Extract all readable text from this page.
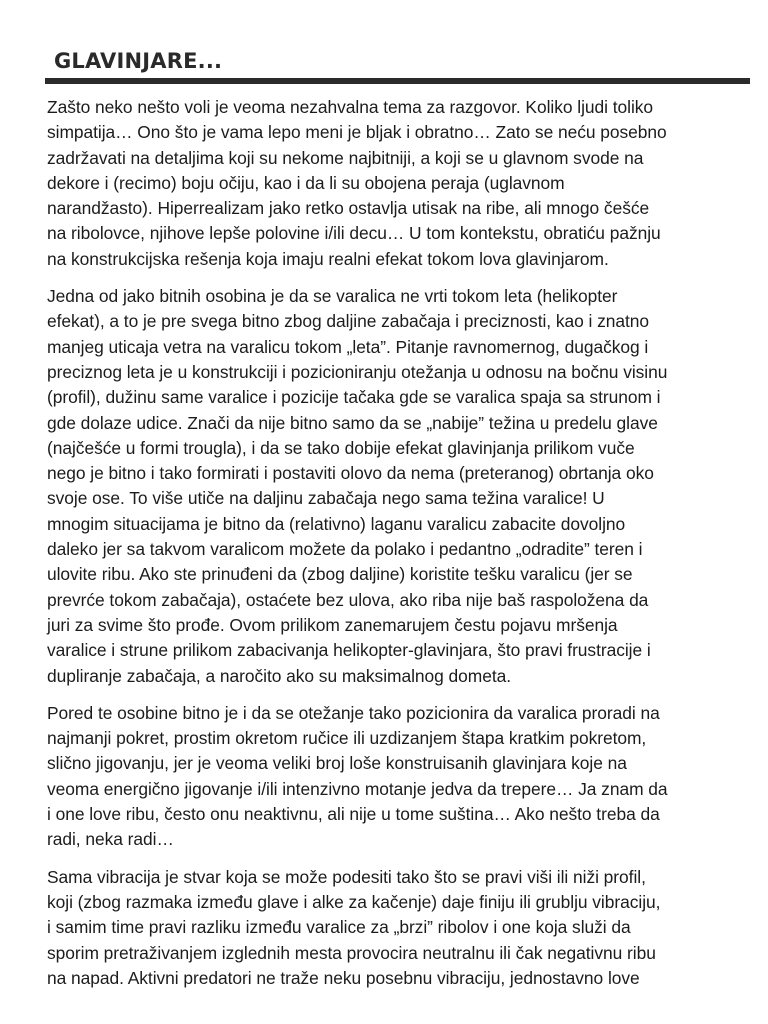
GLAVINJARE...
Zašto neko nešto voli je veoma nezahvalna tema za razgovor. Koliko ljudi toliko
simpatija… Ono što je vama lepo meni je bljak i obratno… Zato se neću posebno
zadržavati na detaljima koji su nekome najbitniji, a koji se u glavnom svode na
dekore i (recimo) boju očiju, kao i da li su obojena peraja (uglavnom
narandžasto). Hiperrealizam jako retko ostavlja utisak na ribe, ali mnogo češće
na ribolovce, njihove lepše polovine i/ili decu… U tom kontekstu, obratiću pažnju
na konstrukcijska rešenja koja imaju realni efekat tokom lova glavinjarom.
Jedna od jako bitnih osobina je da se varalica ne vrti tokom leta (helikopter
efekat), a to je pre svega bitno zbog daljine zabačaja i preciznosti, kao i znatno
manjeg uticaja vetra na varalicu tokom „leta”. Pitanje ravnomernog, dugačkog i
preciznog leta je u konstrukciji i pozicioniranju otežanja u odnosu na bočnu visinu
(profil), dužinu same varalice i pozicije tačaka gde se varalica spaja sa strunom i
gde dolaze udice. Znači da nije bitno samo da se „nabije” težina u predelu glave
(najčešće u formi trougla), i da se tako dobije efekat glavinjanja prilikom vuče
nego je bitno i tako formirati i postaviti olovo da nema (preteranog) obrtanja oko
svoje ose. To više utiče na daljinu zabačaja nego sama težina varalice! U
mnogim situacijama je bitno da (relativno) laganu varalicu zabacite dovoljno
daleko jer sa takvom varalicom možete da polako i pedantno „odradite” teren i
ulovite ribu. Ako ste prinuđeni da (zbog daljine) koristite tešku varalicu (jer se
prevrće tokom zabačaja), ostaćete bez ulova, ako riba nije baš raspoložena da
juri za svime što prođe. Ovom prilikom zanemarujem čestu pojavu mršenja
varalice i strune prilikom zabacivanja helikopter-glavinjara, što pravi frustracije i
dupliranje zabačaja, a naročito ako su maksimalnog dometa.
Pored te osobine bitno je i da se otežanje tako pozicionira da varalica proradi na
najmanji pokret, prostim okretom ručice ili uzdizanjem štapa kratkim pokretom,
slično jigovanju, jer je veoma veliki broj loše konstruisanih glavinjara koje na
veoma energično jigovanje i/ili intenzivno motanje jedva da trepere… Ja znam da
i one love ribu, često onu neaktivnu, ali nije u tome suština… Ako nešto treba da
radi, neka radi…
Sama vibracija je stvar koja se može podesiti tako što se pravi viši ili niži profil,
koji (zbog razmaka između glave i alke za kačenje) daje finiju ili grublju vibraciju,
i samim time pravi razliku između varalice za „brzi” ribolov i one koja služi da
sporim pretraživanjem izglednih mesta provocira neutralnu ili čak negativnu ribu
na napad. Aktivni predatori ne traže neku posebnu vibraciju, jednostavno love
